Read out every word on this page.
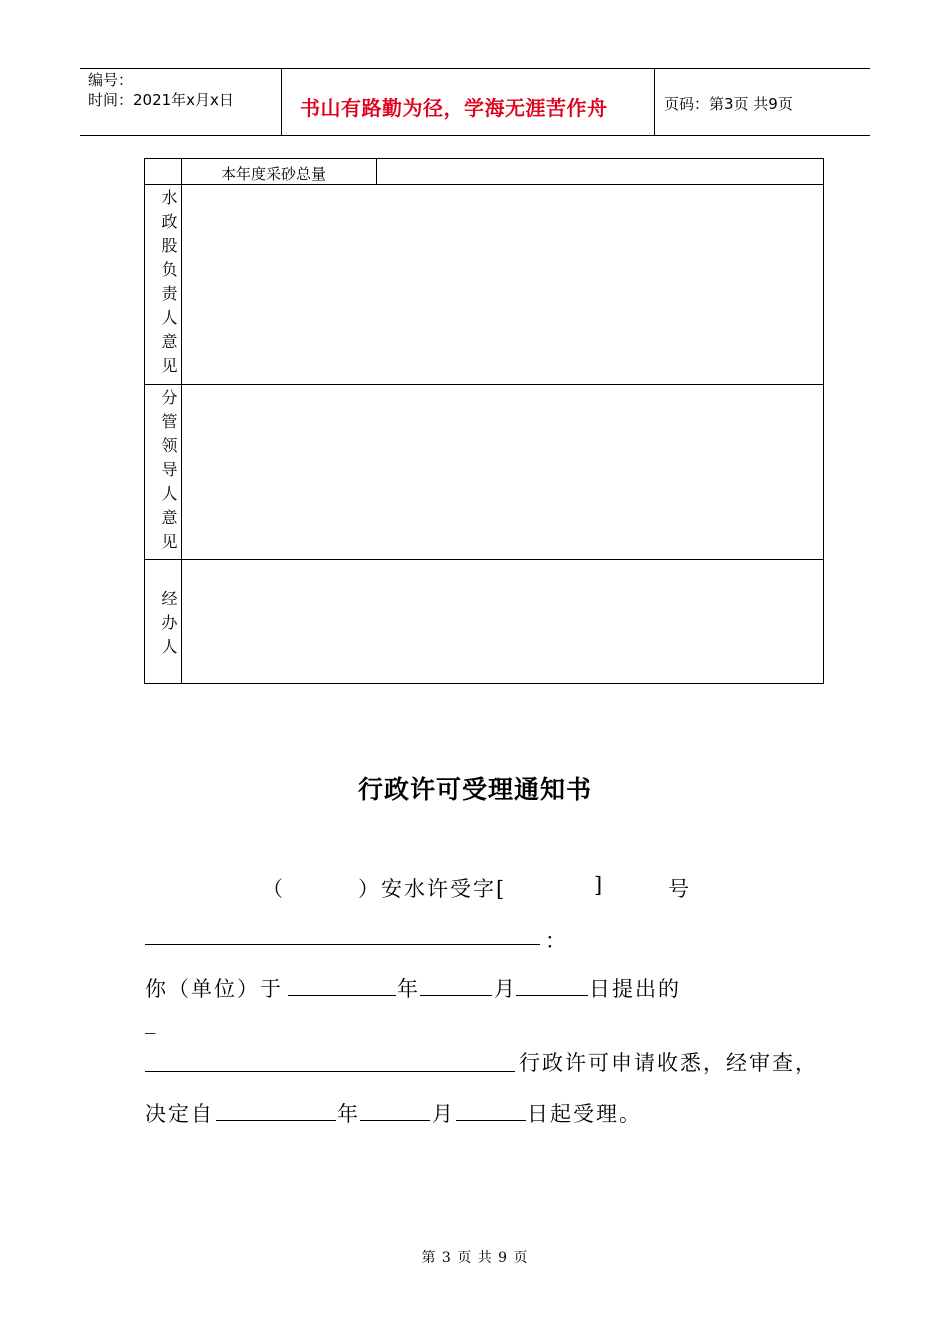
编号：
时间：2021年x月x日	书山有路勤为径，学海无涯苦作舟	页码：第3页 共9页
本年度采砂总量
水政股负责人意见
分管领导人意见
经办人
行政许可受理通知书
（	）安水许受字[	]	号
：
你（单位）于	年	月	日提出的
_
行政许可申请收悉，经审查，
决定自	年	月	日起受理。
第 3 页 共 9 页
